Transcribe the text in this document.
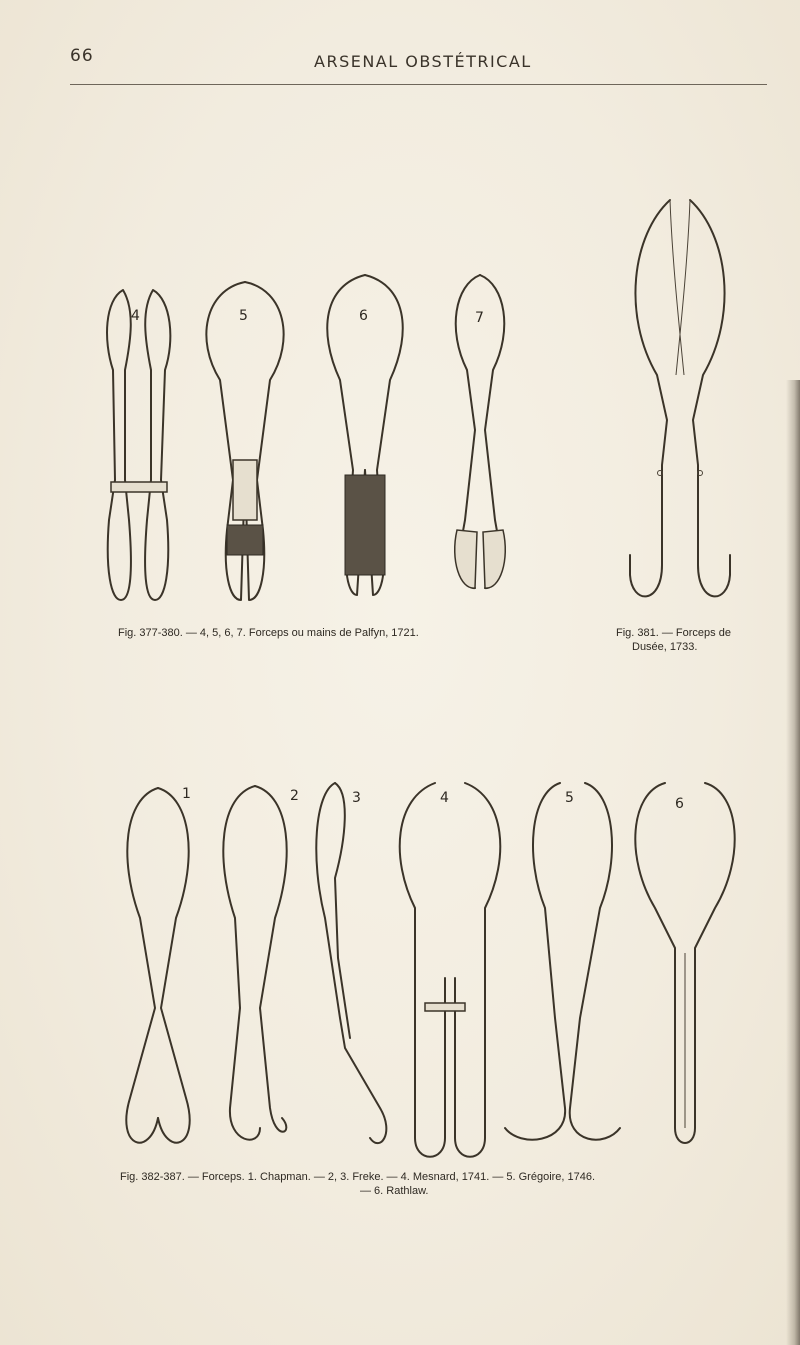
66	ARSENAL OBSTÉTRICAL
4	5	6	7
Fig. 377-380. — 4, 5, 6, 7. Forceps ou mains de Palfyn, 1721.	Fig. 381. — Forceps de
Dusée, 1733.
1	2	3	4	5	6
Fig. 382-387. — Forceps. 1. Chapman. — 2, 3. Freke. — 4. Mesnard, 1741. — 5. Grégoire, 1746.
— 6. Rathlaw.
